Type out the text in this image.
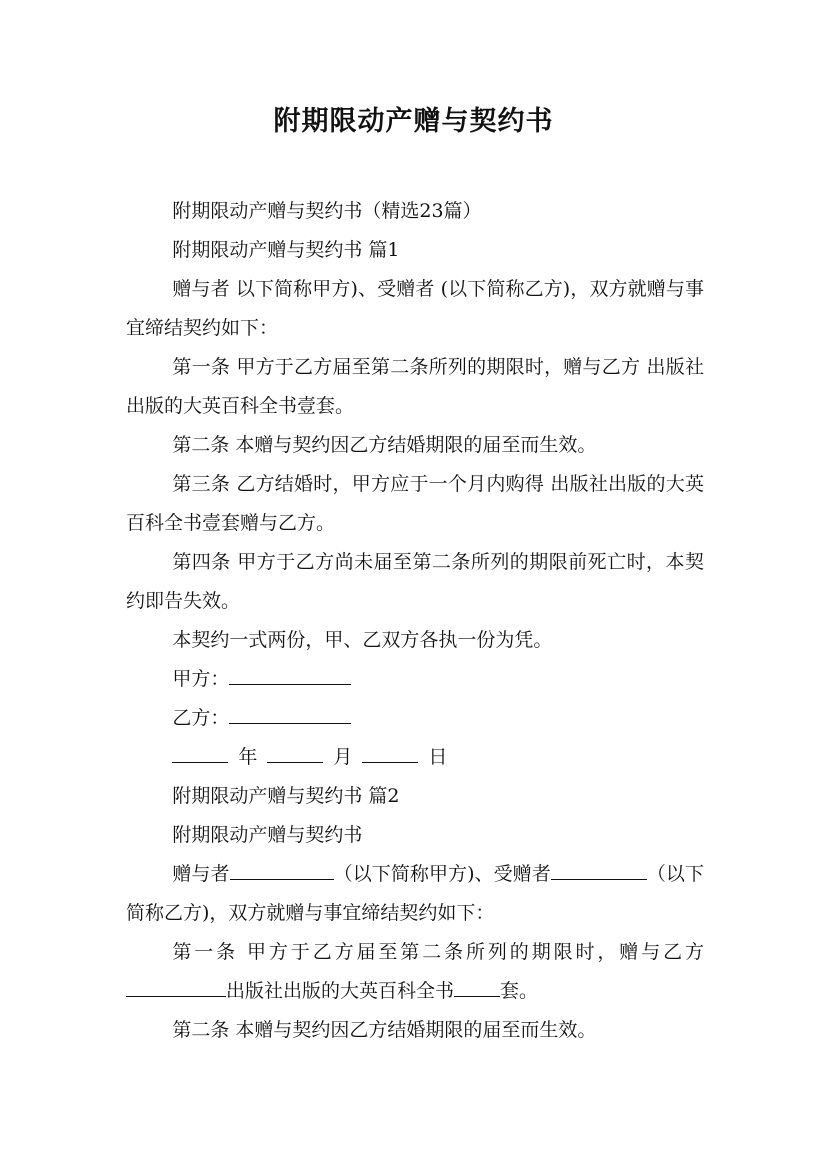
附期限动产赠与契约书

附期限动产赠与契约书（精选23篇）

附期限动产赠与契约书 篇1

赠与者 以下简称甲方)、受赠者 (以下简称乙方)，双方就赠与事宜缔结契约如下：

第一条 甲方于乙方届至第二条所列的期限时，赠与乙方 出版社出版的大英百科全书壹套。

第二条 本赠与契约因乙方结婚期限的届至而生效。

第三条 乙方结婚时，甲方应于一个月内购得 出版社出版的大英百科全书壹套赠与乙方。

第四条 甲方于乙方尚未届至第二条所列的期限前死亡时，本契约即告失效。

本契约一式两份，甲、乙双方各执一份为凭。

甲方：

乙方：

年	月	日

附期限动产赠与契约书 篇2

附期限动产赠与契约书

赠与者	（以下简称甲方)、受赠者	（以下简称乙方)，双方就赠与事宜缔结契约如下：

第一条 甲方于乙方届至第二条所列的期限时，赠与乙方出版社出版的大英百科全书 套。

第二条 本赠与契约因乙方结婚期限的届至而生效。
